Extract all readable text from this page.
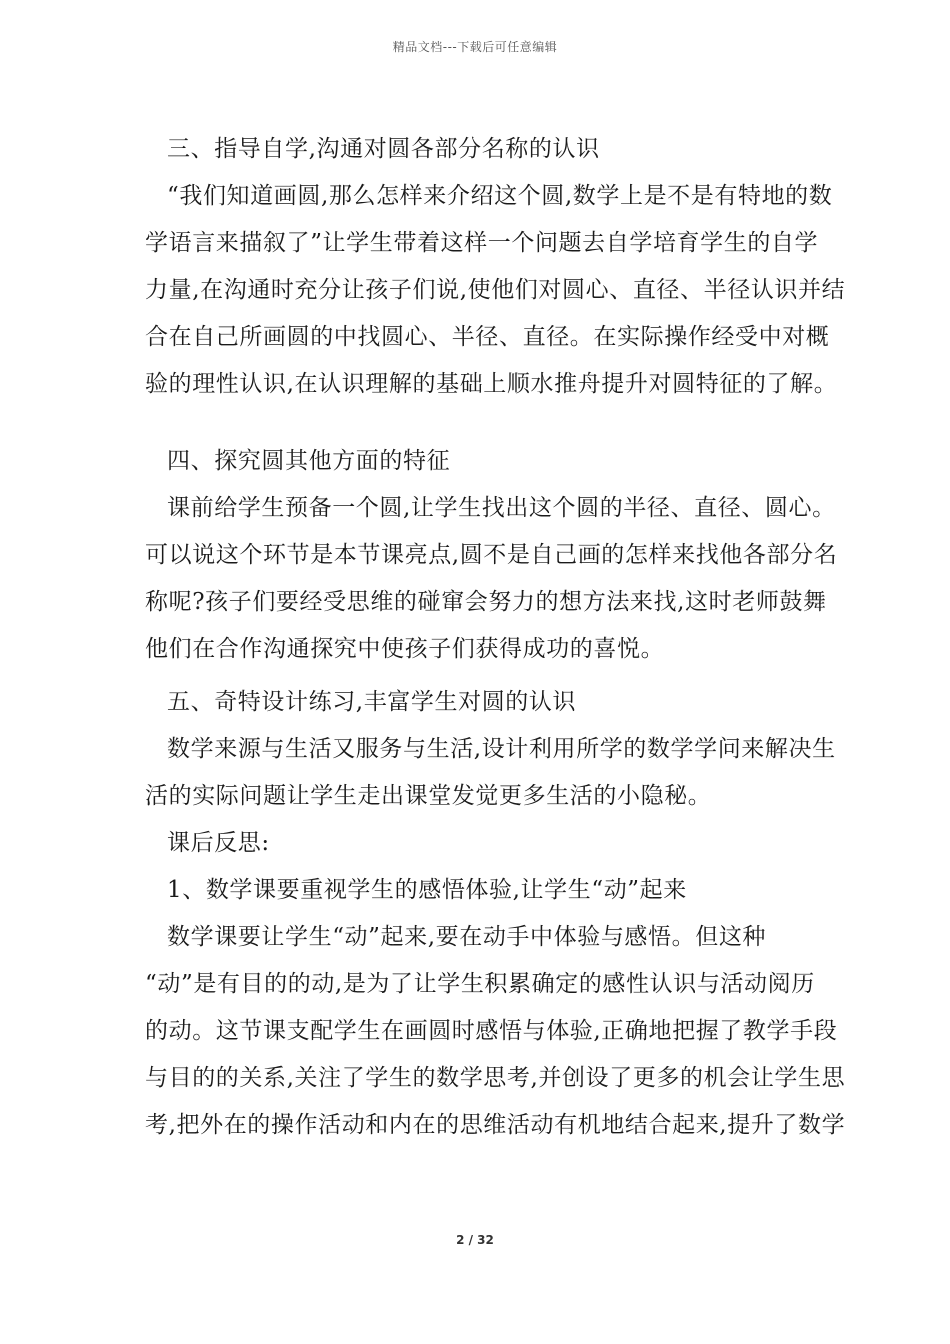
精品文档---下载后可任意编辑
三、指导自学,沟通对圆各部分名称的认识
“我们知道画圆,那么怎样来介绍这个圆,数学上是不是有特地的数
学语言来描叙了”让学生带着这样一个问题去自学培育学生的自学
力量,在沟通时充分让孩子们说,使他们对圆心、直径、半径认识并结
合在自己所画圆的中找圆心、半径、直径。在实际操作经受中对概
验的理性认识,在认识理解的基础上顺水推舟提升对圆特征的了解。
四、探究圆其他方面的特征
课前给学生预备一个圆,让学生找出这个圆的半径、直径、圆心。
可以说这个环节是本节课亮点,圆不是自己画的怎样来找他各部分名
称呢?孩子们要经受思维的碰窜会努力的想方法来找,这时老师鼓舞
他们在合作沟通探究中使孩子们获得成功的喜悦。
五、奇特设计练习,丰富学生对圆的认识
数学来源与生活又服务与生活,设计利用所学的数学学问来解决生
活的实际问题让学生走出课堂发觉更多生活的小隐秘。
课后反思:
1、数学课要重视学生的感悟体验,让学生“动”起来
数学课要让学生“动”起来,要在动手中体验与感悟。但这种
“动”是有目的的动,是为了让学生积累确定的感性认识与活动阅历
的动。这节课支配学生在画圆时感悟与体验,正确地把握了教学手段
与目的的关系,关注了学生的数学思考,并创设了更多的机会让学生思
考,把外在的操作活动和内在的思维活动有机地结合起来,提升了数学
2 / 32
